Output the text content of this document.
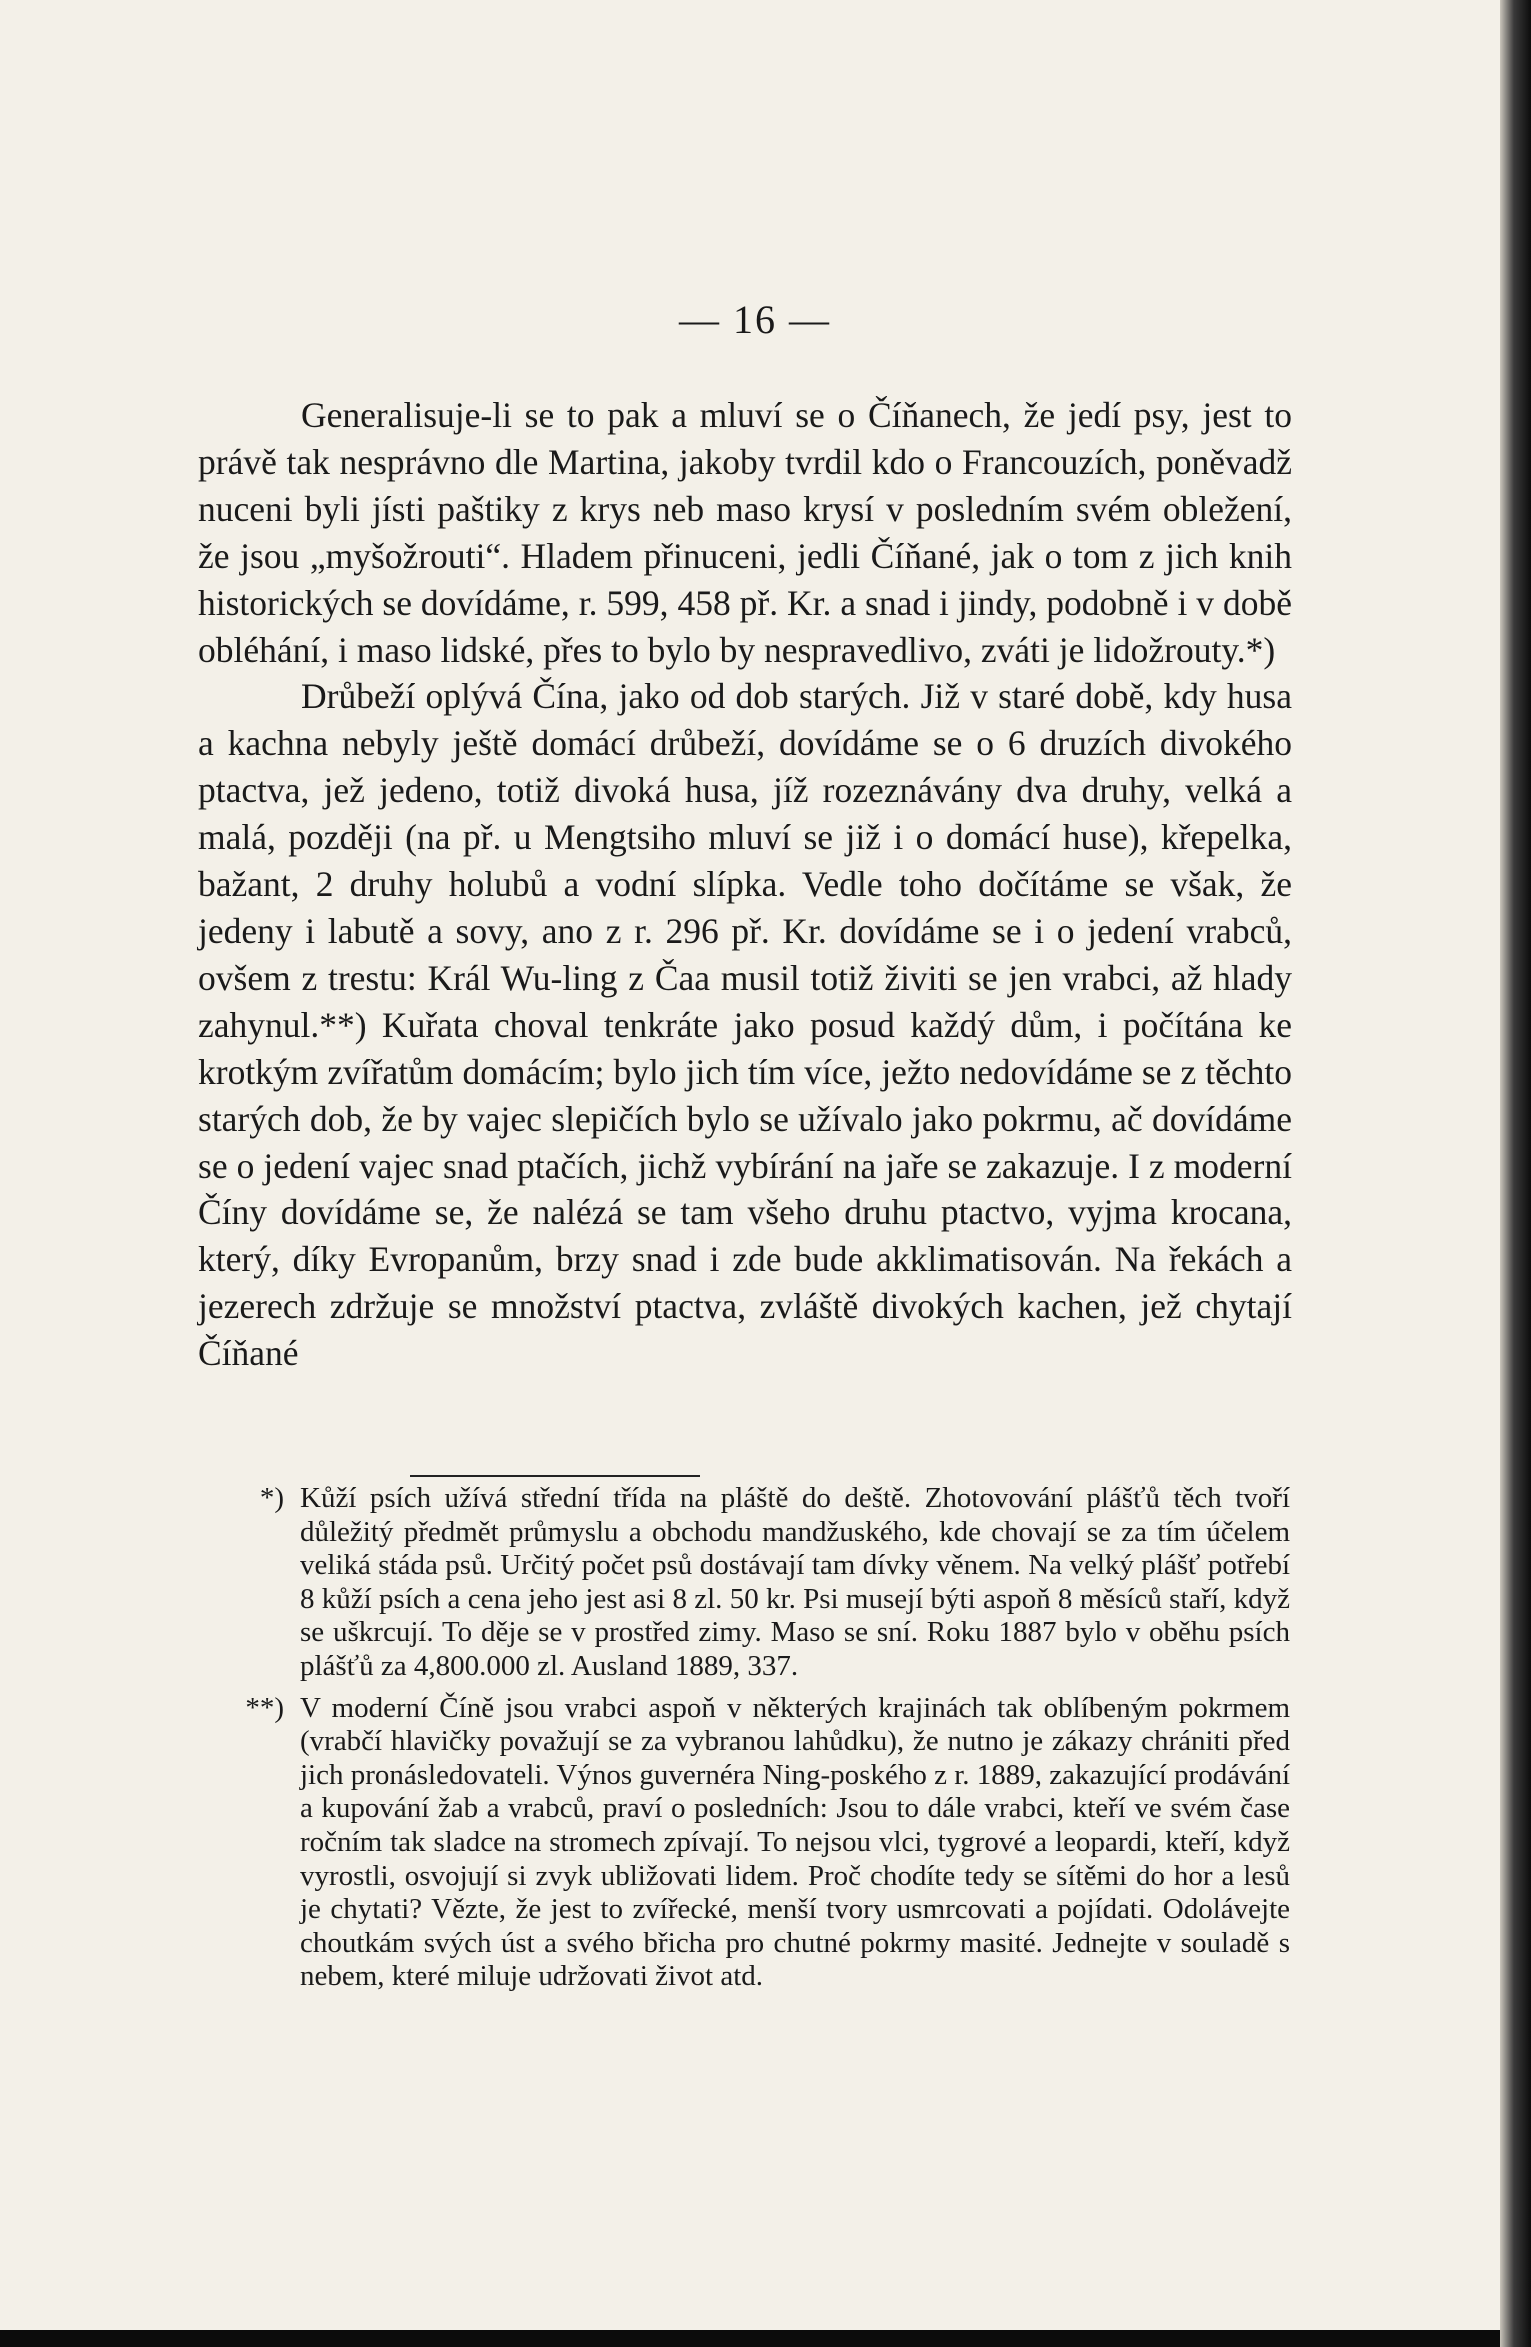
— 16 —

Generalisuje-li se to pak a mluví se o Číňanech, že jedí psy, jest to právě tak nesprávno dle Martina, jakoby tvrdil kdo o Francouzích, poněvadž nuceni byli jísti paštiky z krys neb maso krysí v posledním svém obležení, že jsou „myšožrouti“. Hladem přinuceni, jedli Číňané, jak o tom z jich knih historických se dovídáme, r. 599, 458 př. Kr. a snad i jindy, podobně i v době obléhání, i maso lidské, přes to bylo by nespravedlivo, zváti je lidožrouty.*)

Drůbeží oplývá Čína, jako od dob starých. Již v staré době, kdy husa a kachna nebyly ještě domácí drůbeží, dovídáme se o 6 druzích divokého ptactva, jež jedeno, totiž divoká husa, jíž rozeznávány dva druhy, velká a malá, později (na př. u Mengtsiho mluví se již i o domácí huse), křepelka, bažant, 2 druhy holubů a vodní slípka. Vedle toho dočítáme se však, že jedeny i labutě a sovy, ano z r. 296 př. Kr. dovídáme se i o jedení vrabců, ovšem z trestu: Král Wu-ling z Čaa musil totiž živiti se jen vrabci, až hlady zahynul.**) Kuřata choval tenkráte jako posud každý dům, i počítána ke krotkým zvířatům domácím; bylo jich tím více, ježto nedovídáme se z těchto starých dob, že by vajec slepičích bylo se užívalo jako pokrmu, ač dovídáme se o jedení vajec snad ptačích, jichž vybírání na jaře se zakazuje. I z moderní Číny dovídáme se, že nalézá se tam všeho druhu ptactvo, vyjma krocana, který, díky Evropanům, brzy snad i zde bude akklimatisován. Na řekách a jezerech zdržuje se množství ptactva, zvláště divokých kachen, jež chytají Číňané

*) Kůží psích užívá střední třída na pláště do deště. Zhotovování plášťů těch tvoří důležitý předmět průmyslu a obchodu mandžuského, kde chovají se za tím účelem veliká stáda psů. Určitý počet psů dostávají tam dívky věnem. Na velký plášť potřebí 8 kůží psích a cena jeho jest asi 8 zl. 50 kr. Psi musejí býti aspoň 8 měsíců staří, když se uškrcují. To děje se v prostřed zimy. Maso se sní. Roku 1887 bylo v oběhu psích plášťů za 4,800.000 zl. Ausland 1889, 337.
**) V moderní Číně jsou vrabci aspoň v některých krajinách tak oblíbeným pokrmem (vrabčí hlavičky považují se za vybranou lahůdku), že nutno je zákazy chrániti před jich pronásledovateli. Výnos guvernéra Ning-poského z r. 1889, zakazující prodávání a kupování žab a vrabců, praví o posledních: Jsou to dále vrabci, kteří ve svém čase ročním tak sladce na stromech zpívají. To nejsou vlci, tygrové a leopardi, kteří, když vyrostli, osvojují si zvyk ubližovati lidem. Proč chodíte tedy se sítěmi do hor a lesů je chytati? Vězte, že jest to zvířecké, menší tvory usmrcovati a pojídati. Odolávejte choutkám svých úst a svého břicha pro chutné pokrmy masité. Jednejte v souladě s nebem, které miluje udržovati život atd.
